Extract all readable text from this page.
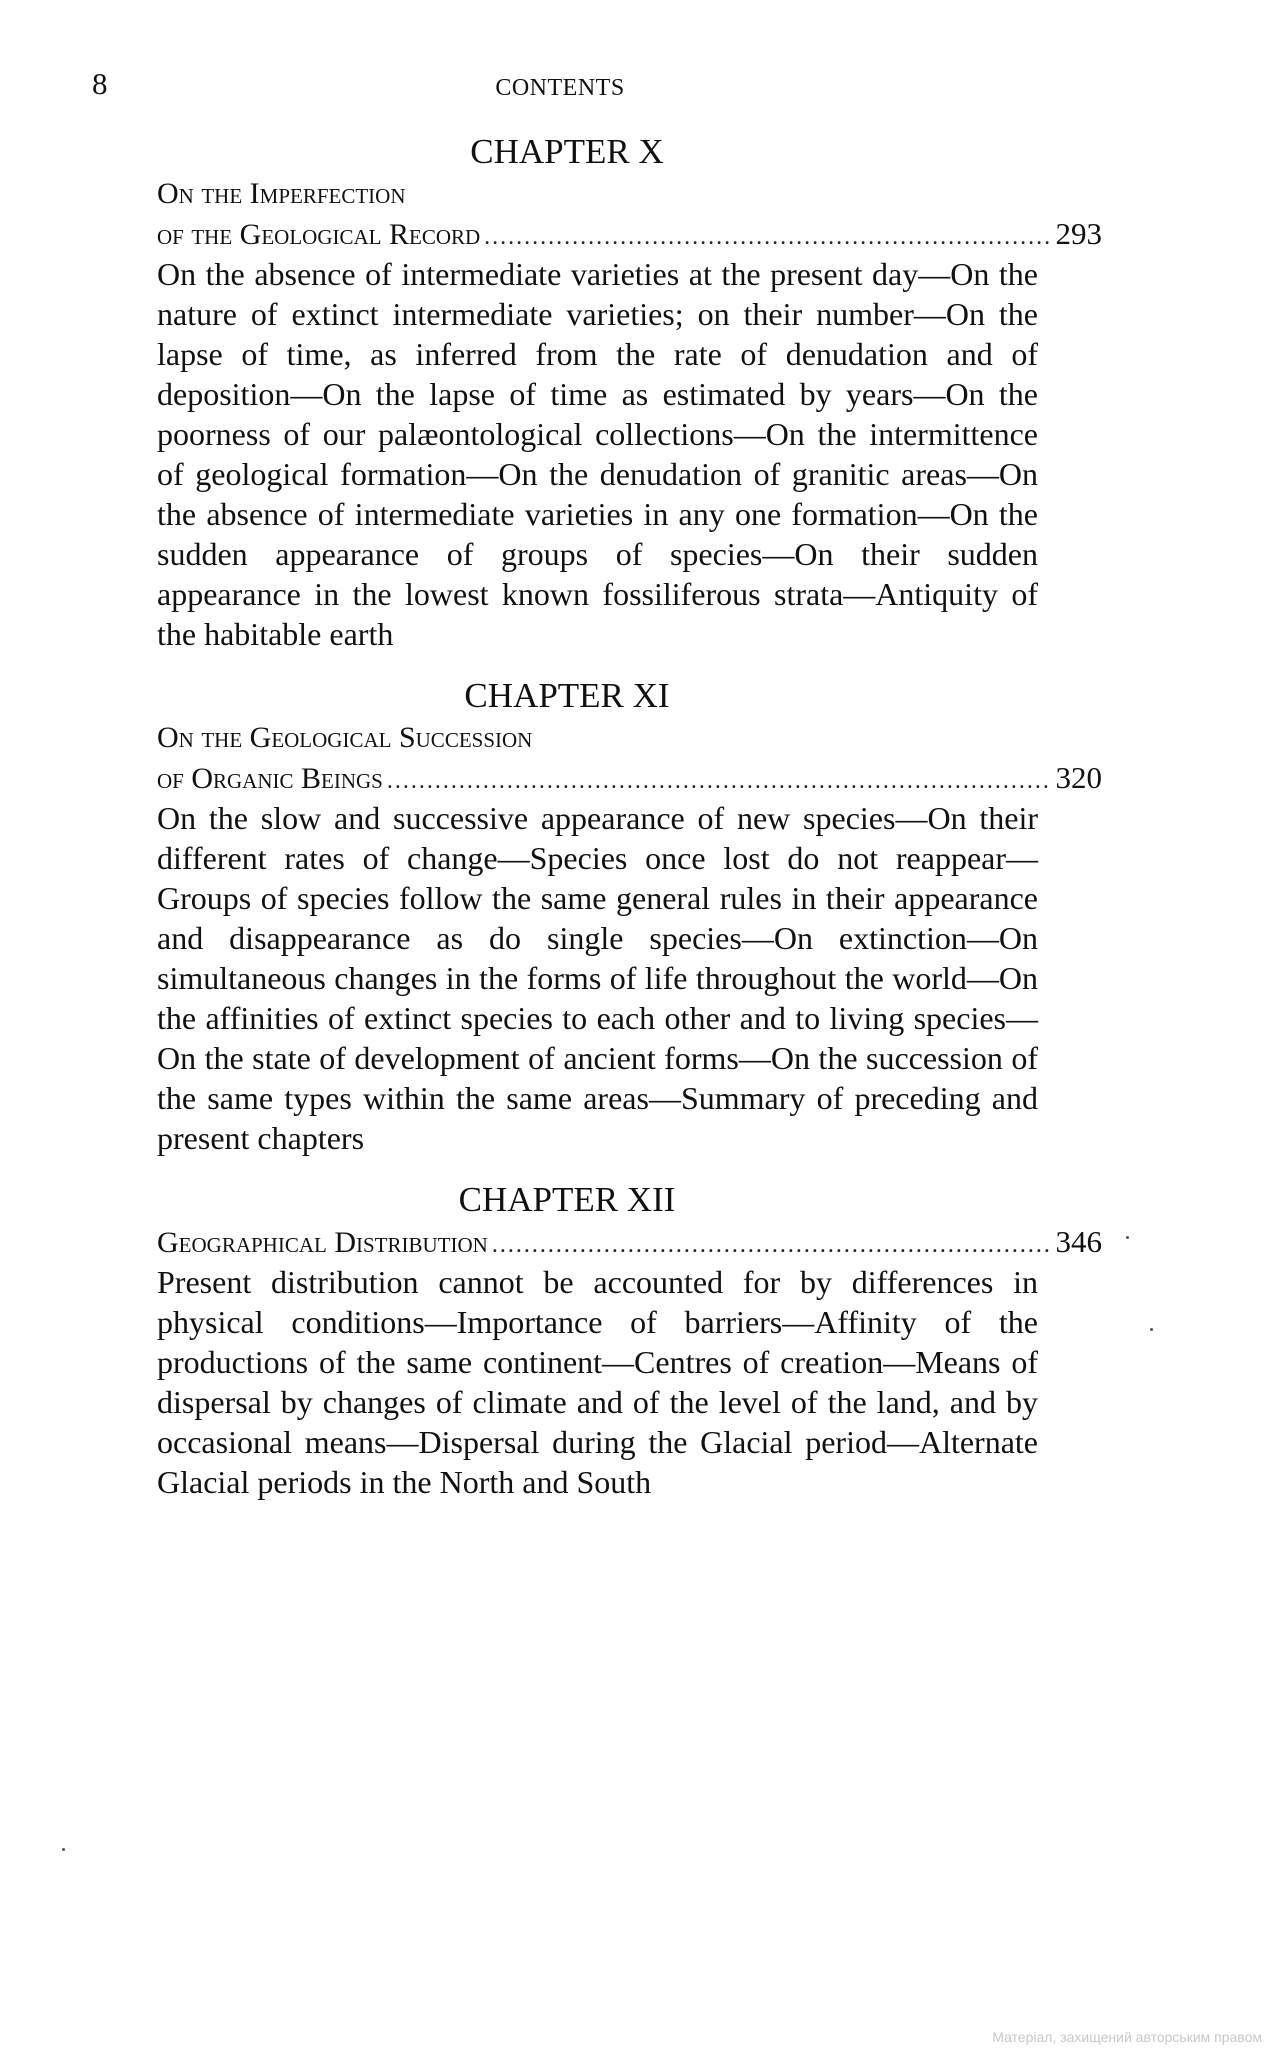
8	CONTENTS
CHAPTER X
On the Imperfection
of the Geological Record .....	293

On the absence of intermediate varieties at the present day—On the nature of extinct intermediate varieties; on their number—On the lapse of time, as inferred from the rate of denudation and of deposition—On the lapse of time as estimated by years—On the poorness of our palæontological collections—On the intermittence of geological formation—On the denudation of granitic areas—On the absence of intermediate varieties in any one formation—On the sudden appearance of groups of species—On their sudden appearance in the lowest known fossiliferous strata—Antiquity of the habitable earth

CHAPTER XI
On the Geological Succession
of Organic Beings .....	320

On the slow and successive appearance of new species—On their different rates of change—Species once lost do not reappear—Groups of species follow the same general rules in their appearance and disappearance as do single species—On extinction—On simultaneous changes in the forms of life throughout the world—On the affinities of extinct species to each other and to living species—On the state of development of ancient forms—On the succession of the same types within the same areas—Summary of preceding and present chapters

CHAPTER XII
Geographical Distribution .....	346

Present distribution cannot be accounted for by differences in physical conditions—Importance of barriers—Affinity of the productions of the same continent—Centres of creation—Means of dispersal by changes of climate and of the level of the land, and by occasional means—Dispersal during the Glacial period—Alternate Glacial periods in the North and South

Матеріал, захищений авторським правом
